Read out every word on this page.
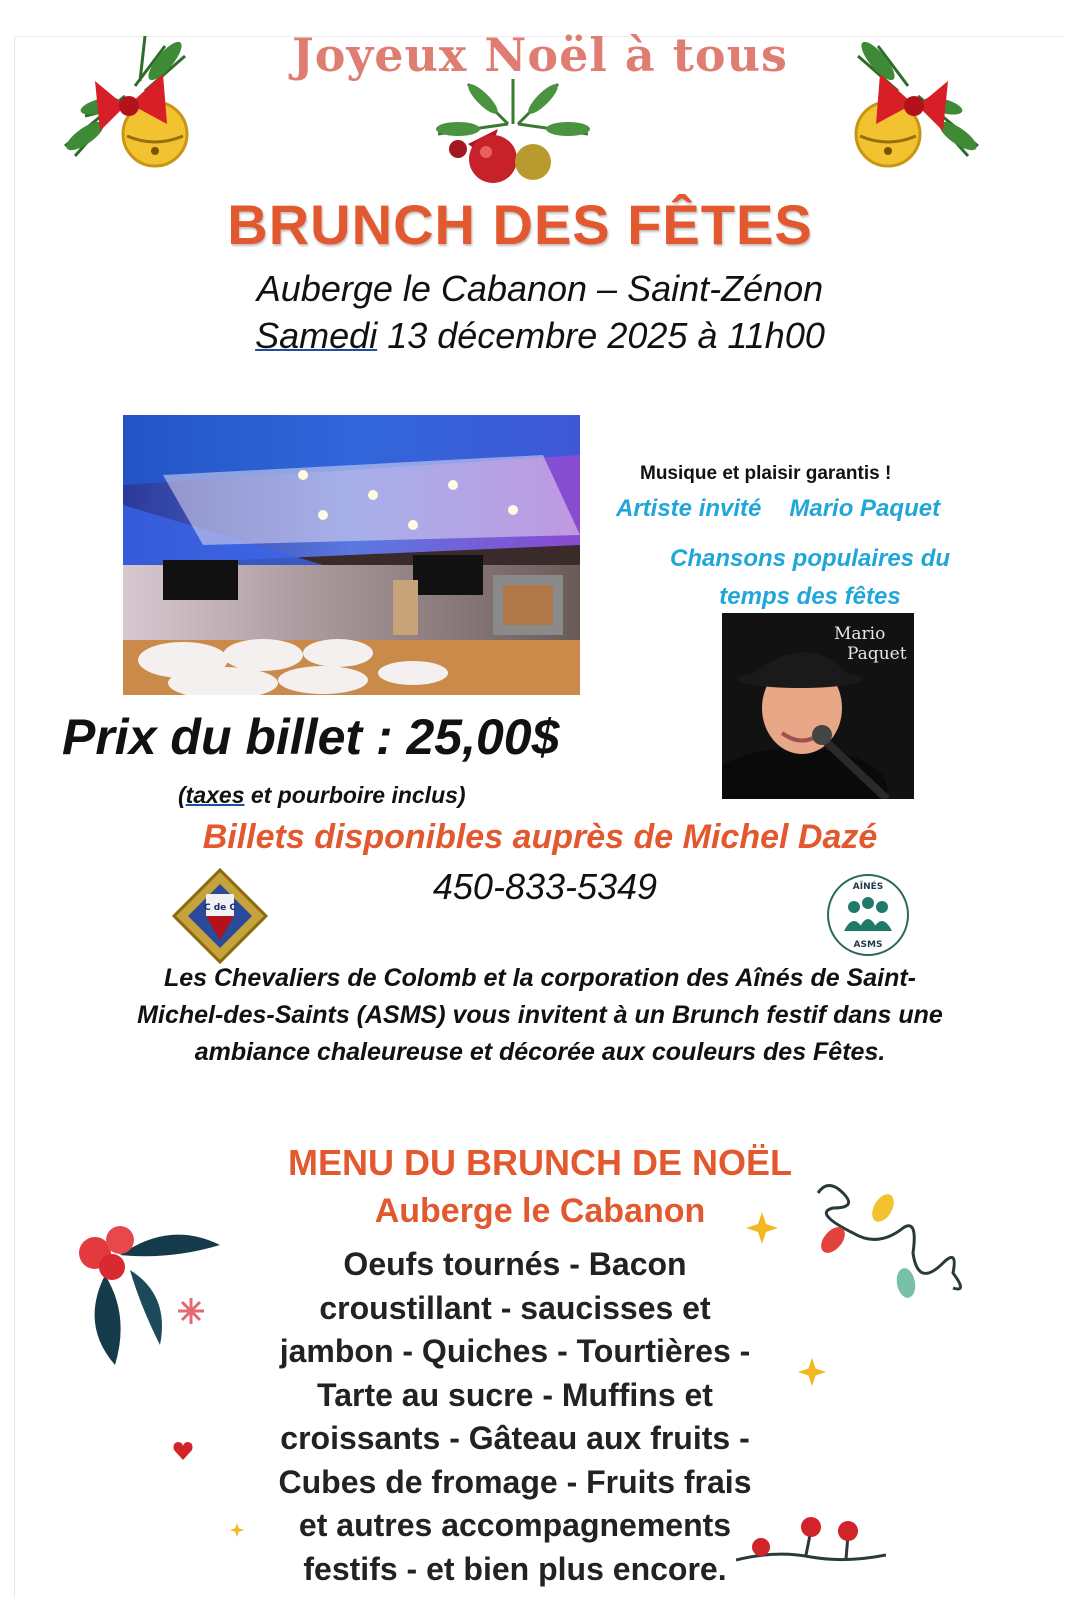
Joyeux Noël à tous
BRUNCH DES FÊTES
Auberge le Cabanon – Saint-Zénon
Samedi 13 décembre 2025 à 11h00
Musique et plaisir garantis !
Artiste invité Mario Paquet
Chansons populaires du
temps des fêtes
Mario
Paquet
Prix du billet : 25,00$
(taxes et pourboire inclus)
Billets disponibles auprès de Michel Dazé
450-833-5349
C de C
AÎNÉS
ASMS
Les Chevaliers de Colomb et la corporation des Aînés de Saint-
Michel-des-Saints (ASMS) vous invitent à un Brunch festif dans une
ambiance chaleureuse et décorée aux couleurs des Fêtes.
MENU DU BRUNCH DE NOËL
Auberge le Cabanon
Oeufs tournés - Bacon
croustillant - saucisses et
jambon - Quiches - Tourtières -
Tarte au sucre - Muffins et
croissants - Gâteau aux fruits -
Cubes de fromage - Fruits frais
et autres accompagnements
festifs - et bien plus encore.
